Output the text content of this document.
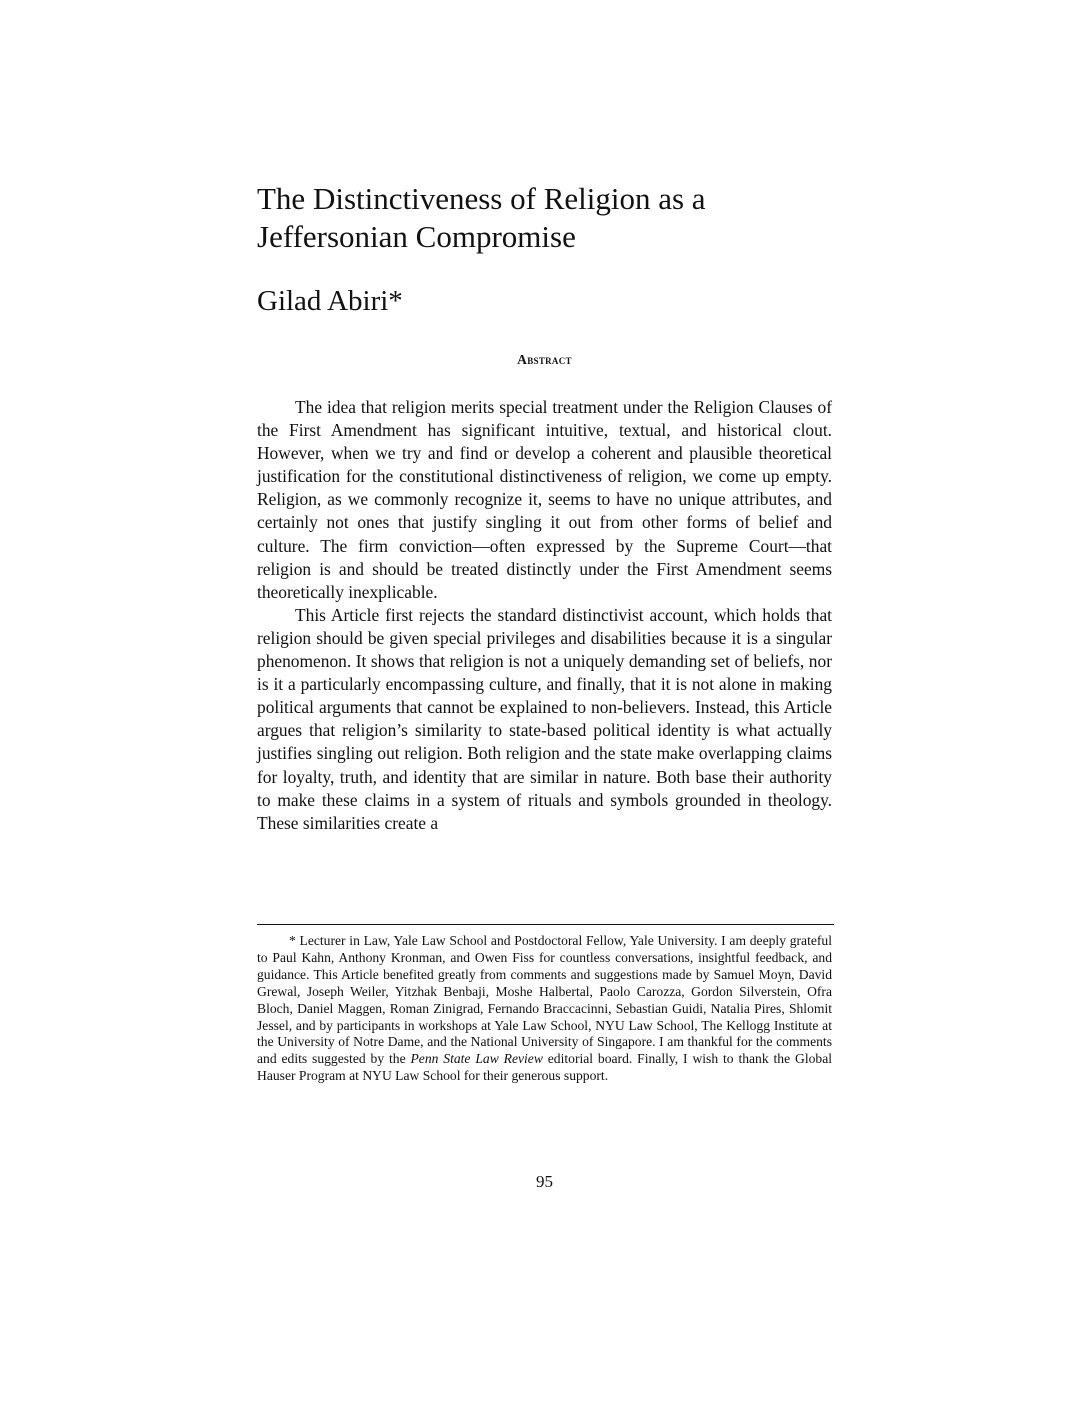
The Distinctiveness of Religion as a
Jeffersonian Compromise
Gilad Abiri*
Abstract

The idea that religion merits special treatment under the Religion Clauses of the First Amendment has significant intuitive, textual, and historical clout. However, when we try and find or develop a coherent and plausible theoretical justification for the constitutional distinctiveness of religion, we come up empty. Religion, as we commonly recognize it, seems to have no unique attributes, and certainly not ones that justify singling it out from other forms of belief and culture. The firm conviction—often expressed by the Supreme Court—that religion is and should be treated distinctly under the First Amendment seems theoretically inexplicable.

This Article first rejects the standard distinctivist account, which holds that religion should be given special privileges and disabilities because it is a singular phenomenon. It shows that religion is not a uniquely demanding set of beliefs, nor is it a particularly encompassing culture, and finally, that it is not alone in making political arguments that cannot be explained to non-believers. Instead, this Article argues that religion’s similarity to state-based political identity is what actually justifies singling out religion. Both religion and the state make overlapping claims for loyalty, truth, and identity that are similar in nature. Both base their authority to make these claims in a system of rituals and symbols grounded in theology. These similarities create a

* Lecturer in Law, Yale Law School and Postdoctoral Fellow, Yale University. I am deeply grateful to Paul Kahn, Anthony Kronman, and Owen Fiss for countless conversations, insightful feedback, and guidance. This Article benefited greatly from comments and suggestions made by Samuel Moyn, David Grewal, Joseph Weiler, Yitzhak Benbaji, Moshe Halbertal, Paolo Carozza, Gordon Silverstein, Ofra Bloch, Daniel Maggen, Roman Zinigrad, Fernando Braccacinni, Sebastian Guidi, Natalia Pires, Shlomit Jessel, and by participants in workshops at Yale Law School, NYU Law School, The Kellogg Institute at the University of Notre Dame, and the National University of Singapore. I am thankful for the comments and edits suggested by the Penn State Law Review editorial board. Finally, I wish to thank the Global Hauser Program at NYU Law School for their generous support.

95
